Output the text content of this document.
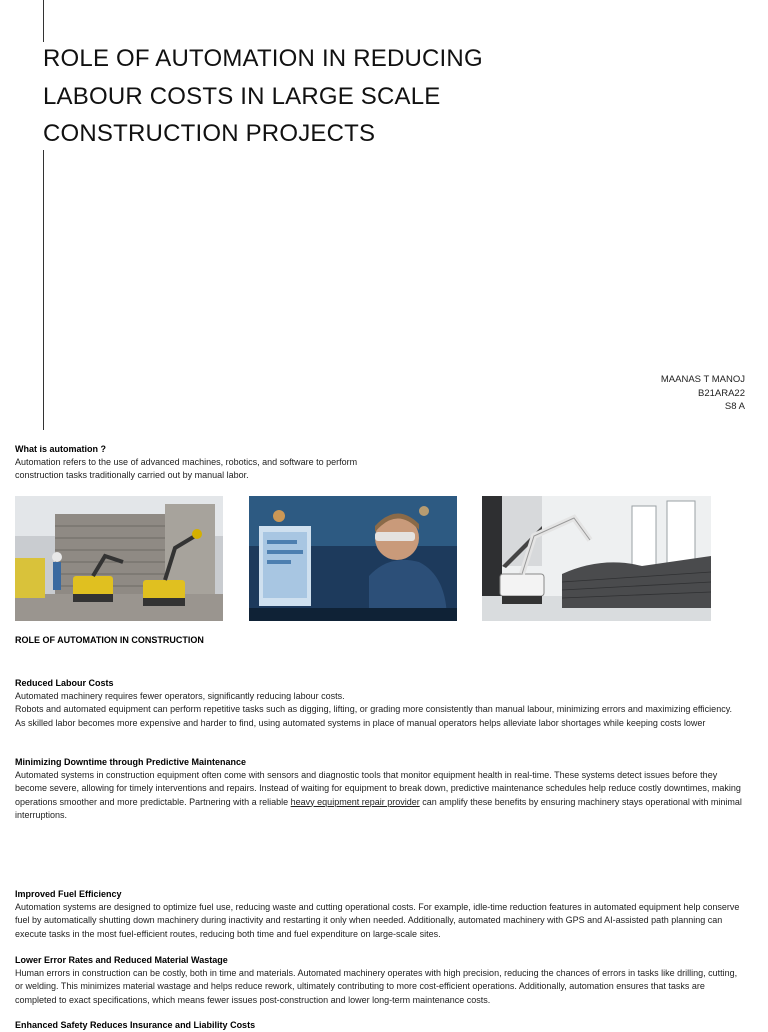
ROLE OF AUTOMATION IN REDUCING
LABOUR COSTS IN LARGE SCALE
CONSTRUCTION PROJECTS
MAANAS T MANOJ
B21ARA22
S8 A
What is automation ?
Automation refers to the use of advanced machines, robotics, and software to perform
construction tasks traditionally carried out by manual labor.
ROLE OF AUTOMATION IN CONSTRUCTION
Reduced Labour Costs
Automated machinery requires fewer operators, significantly reducing labour costs.
Robots and automated equipment can perform repetitive tasks such as digging, lifting, or grading more consistently than manual labour, minimizing errors and maximizing efficiency. As skilled labor becomes more expensive and harder to find, using automated systems in place of manual operators helps alleviate labor shortages while keeping costs lower
Minimizing Downtime through Predictive Maintenance
Automated systems in construction equipment often come with sensors and diagnostic tools that monitor equipment health in real-time. These systems detect issues before they become severe, allowing for timely interventions and repairs. Instead of waiting for equipment to break down, predictive maintenance schedules help reduce costly downtimes, making operations smoother and more predictable. Partnering with a reliable heavy equipment repair provider can amplify these benefits by ensuring machinery stays operational with minimal interruptions.
Improved Fuel Efficiency
Automation systems are designed to optimize fuel use, reducing waste and cutting operational costs. For example, idle-time reduction features in automated equipment help conserve fuel by automatically shutting down machinery during inactivity and restarting it only when needed. Additionally, automated machinery with GPS and AI-assisted path planning can execute tasks in the most fuel-efficient routes, reducing both time and fuel expenditure on large-scale sites.
Lower Error Rates and Reduced Material Wastage
Human errors in construction can be costly, both in time and materials. Automated machinery operates with high precision, reducing the chances of errors in tasks like drilling, cutting, or welding. This minimizes material wastage and helps reduce rework, ultimately contributing to more cost-efficient operations. Additionally, automation ensures that tasks are completed to exact specifications, which means fewer issues post-construction and lower long-term maintenance costs.
Enhanced Safety Reduces Insurance and Liability Costs
